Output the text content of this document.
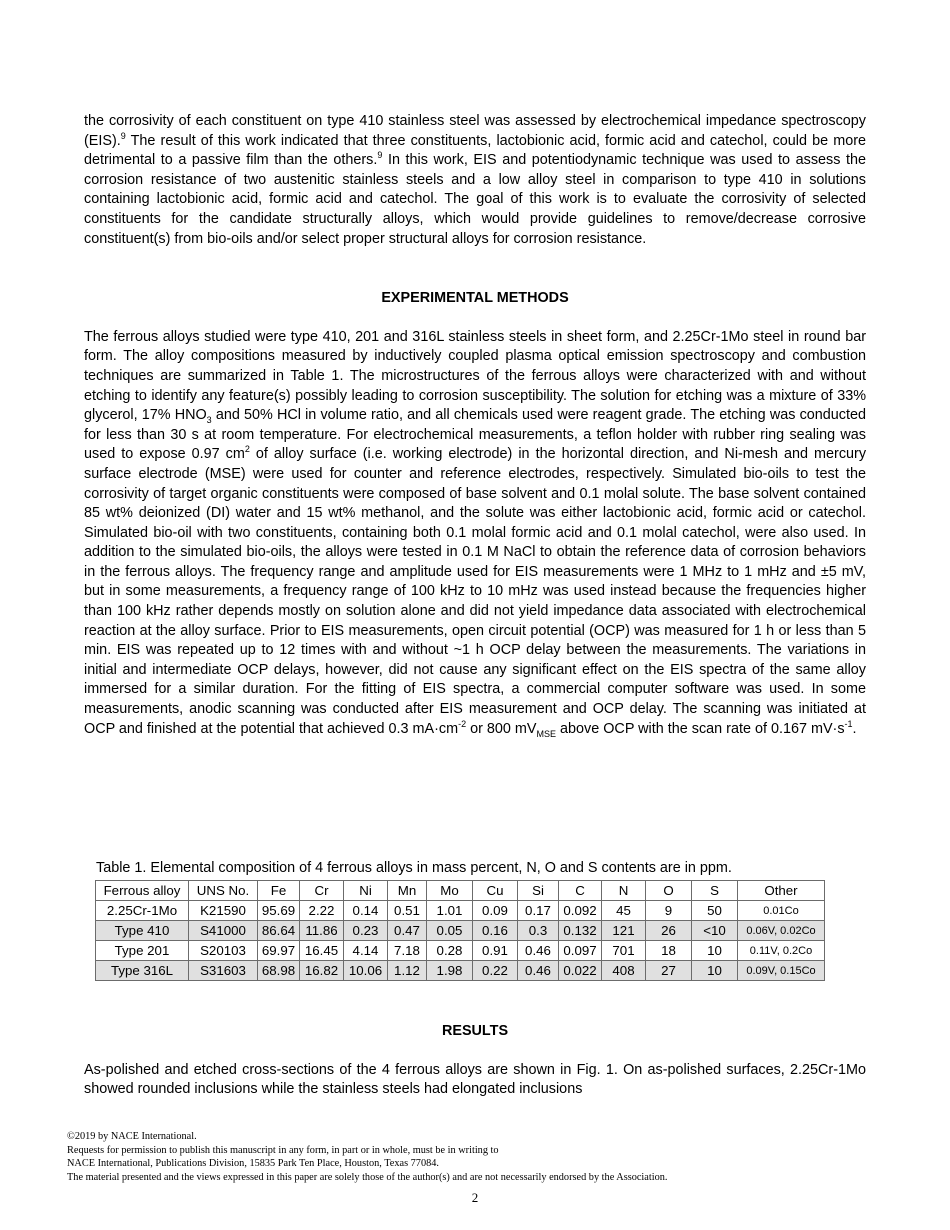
the corrosivity of each constituent on type 410 stainless steel was assessed by electrochemical impedance spectroscopy (EIS).$^9$ The result of this work indicated that three constituents, lactobionic acid, formic acid and catechol, could be more detrimental to a passive film than the others.$^9$ In this work, EIS and potentiodynamic technique was used to assess the corrosion resistance of two austenitic stainless steels and a low alloy steel in comparison to type 410 in solutions containing lactobionic acid, formic acid and catechol. The goal of this work is to evaluate the corrosivity of selected constituents for the candidate structurally alloys, which would provide guidelines to remove/decrease corrosive constituent(s) from bio-oils and/or select proper structural alloys for corrosion resistance.

EXPERIMENTAL METHODS

The ferrous alloys studied were type 410, 201 and 316L stainless steels in sheet form, and 2.25Cr-1Mo steel in round bar form. The alloy compositions measured by inductively coupled plasma optical emission spectroscopy and combustion techniques are summarized in Table 1. The microstructures of the ferrous alloys were characterized with and without etching to identify any feature(s) possibly leading to corrosion susceptibility. The solution for etching was a mixture of 33% glycerol, 17% $HNO_3$ and 50% HCl in volume ratio, and all chemicals used were reagent grade. The etching was conducted for less than 30 s at room temperature. For electrochemical measurements, a teflon holder with rubber ring sealing was used to expose 0.97 $cm^2$ of alloy surface (i.e. working electrode) in the horizontal direction, and Ni-mesh and mercury surface electrode (MSE) were used for counter and reference electrodes, respectively. Simulated bio-oils to test the corrosivity of target organic constituents were composed of base solvent and 0.1 molal solute. The base solvent contained 85 wt% deionized (DI) water and 15 wt% methanol, and the solute was either lactobionic acid, formic acid or catechol. Simulated bio-oil with two constituents, containing both 0.1 molal formic acid and 0.1 molal catechol, were also used. In addition to the simulated bio-oils, the alloys were tested in 0.1 M NaCl to obtain the reference data of corrosion behaviors in the ferrous alloys. The frequency range and amplitude used for EIS measurements were 1 MHz to 1 mHz and ±5 mV, but in some measurements, a frequency range of 100 kHz to 10 mHz was used instead because the frequencies higher than 100 kHz rather depends mostly on solution alone and did not yield impedance data associated with electrochemical reaction at the alloy surface. Prior to EIS measurements, open circuit potential (OCP) was measured for 1 h or less than 5 min. EIS was repeated up to 12 times with and without ~1 h OCP delay between the measurements. The variations in initial and intermediate OCP delays, however, did not cause any significant effect on the EIS spectra of the same alloy immersed for a similar duration. For the fitting of EIS spectra, a commercial computer software was used. In some measurements, anodic scanning was conducted after EIS measurement and OCP delay. The scanning was initiated at OCP and finished at the potential that achieved 0.3 $mA\cdot cm^{-2}$ or 800 $mV_{MSE}$ above OCP with the scan rate of 0.167 $mV\cdot s^{-1}$.

Table 1. Elemental composition of 4 ferrous alloys in mass percent, N, O and S contents are in ppm.
Ferrous alloy	UNS No.	Fe	Cr	Ni	Mn	Mo	Cu	Si	C	N	O	S	Other
2.25Cr-1Mo	K21590	95.69	2.22	0.14	0.51	1.01	0.09	0.17	0.092	45	9	50	0.01Co
Type 410	S41000	86.64	11.86	0.23	0.47	0.05	0.16	0.3	0.132	121	26	<10	0.06V, 0.02Co
Type 201	S20103	69.97	16.45	4.14	7.18	0.28	0.91	0.46	0.097	701	18	10	0.11V, 0.2Co
Type 316L	S31603	68.98	16.82	10.06	1.12	1.98	0.22	0.46	0.022	408	27	10	0.09V, 0.15Co

RESULTS

As-polished and etched cross-sections of the 4 ferrous alloys are shown in Fig. 1. On as-polished surfaces, 2.25Cr-1Mo showed rounded inclusions while the stainless steels had elongated inclusions

©2019 by NACE International.
Requests for permission to publish this manuscript in any form, in part or in whole, must be in writing to
NACE International, Publications Division, 15835 Park Ten Place, Houston, Texas 77084.
The material presented and the views expressed in this paper are solely those of the author(s) and are not necessarily endorsed by the Association.
2
